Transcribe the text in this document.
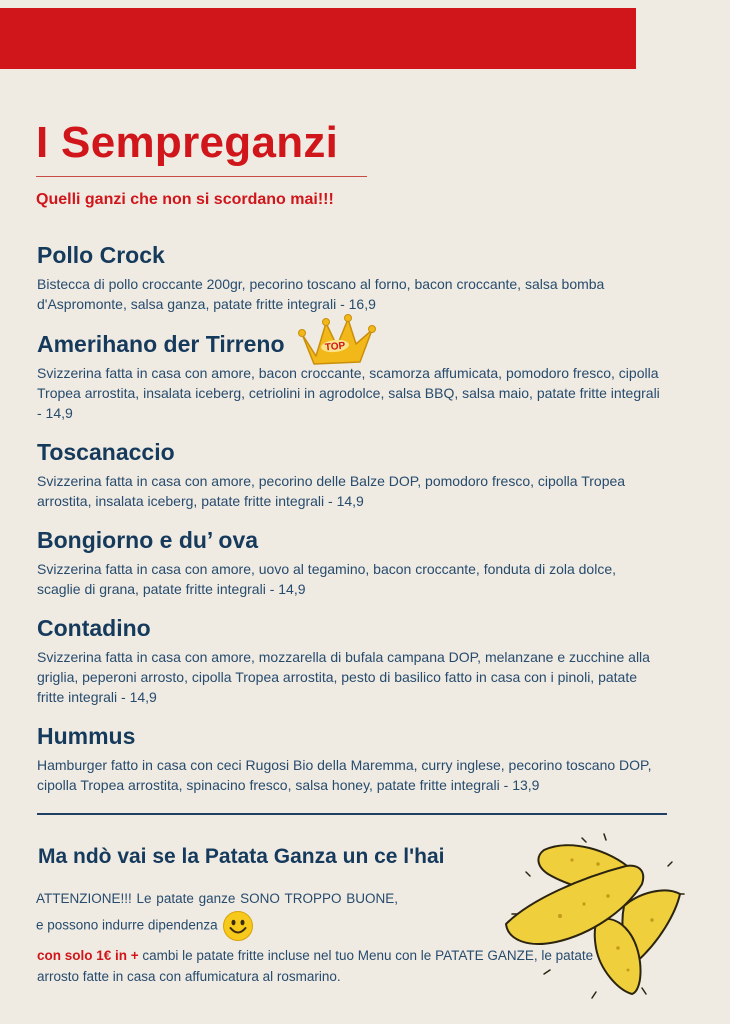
I Sempreganzi
Quelli ganzi che non si scordano mai!!!
Pollo Crock

Bistecca di pollo croccante 200gr, pecorino toscano al forno, bacon croccante, salsa bomba d'Aspromonte, salsa ganza, patate fritte integrali - 16,9

Amerihano der Tirreno

Svizzerina fatta in casa con amore, bacon croccante, scamorza affumicata, pomodoro fresco, cipolla Tropea arrostita, insalata iceberg, cetriolini in agrodolce, salsa BBQ, salsa maio, patate fritte integrali - 14,9

TOP
Toscanaccio

Svizzerina fatta in casa con amore, pecorino delle Balze DOP, pomodoro fresco, cipolla Tropea arrostita, insalata iceberg, patate fritte integrali - 14,9

Bongiorno e du’ ova

Svizzerina fatta in casa con amore, uovo al tegamino, bacon croccante, fonduta di zola dolce, scaglie di grana, patate fritte integrali - 14,9

Contadino

Svizzerina fatta in casa con amore, mozzarella di bufala campana DOP, melanzane e zucchine alla griglia, peperoni arrosto, cipolla Tropea arrostita, pesto di basilico fatto in casa con i pinoli, patate fritte integrali - 14,9

Hummus

Hamburger fatto in casa con ceci Rugosi Bio della Maremma, curry inglese, pecorino toscano DOP, cipolla Tropea arrostita, spinacino fresco, salsa honey, patate fritte integrali - 13,9

Ma ndò vai se la Patata Ganza un ce l'hai

ATTENZIONE!!! Le patate ganze SONO TROPPO BUONE, e possono indurre dipendenza

con solo 1€ in + cambi le patate fritte incluse nel tuo Menu con le PATATE GANZE, le patate arrosto fatte in casa con affumicatura al rosmarino.
